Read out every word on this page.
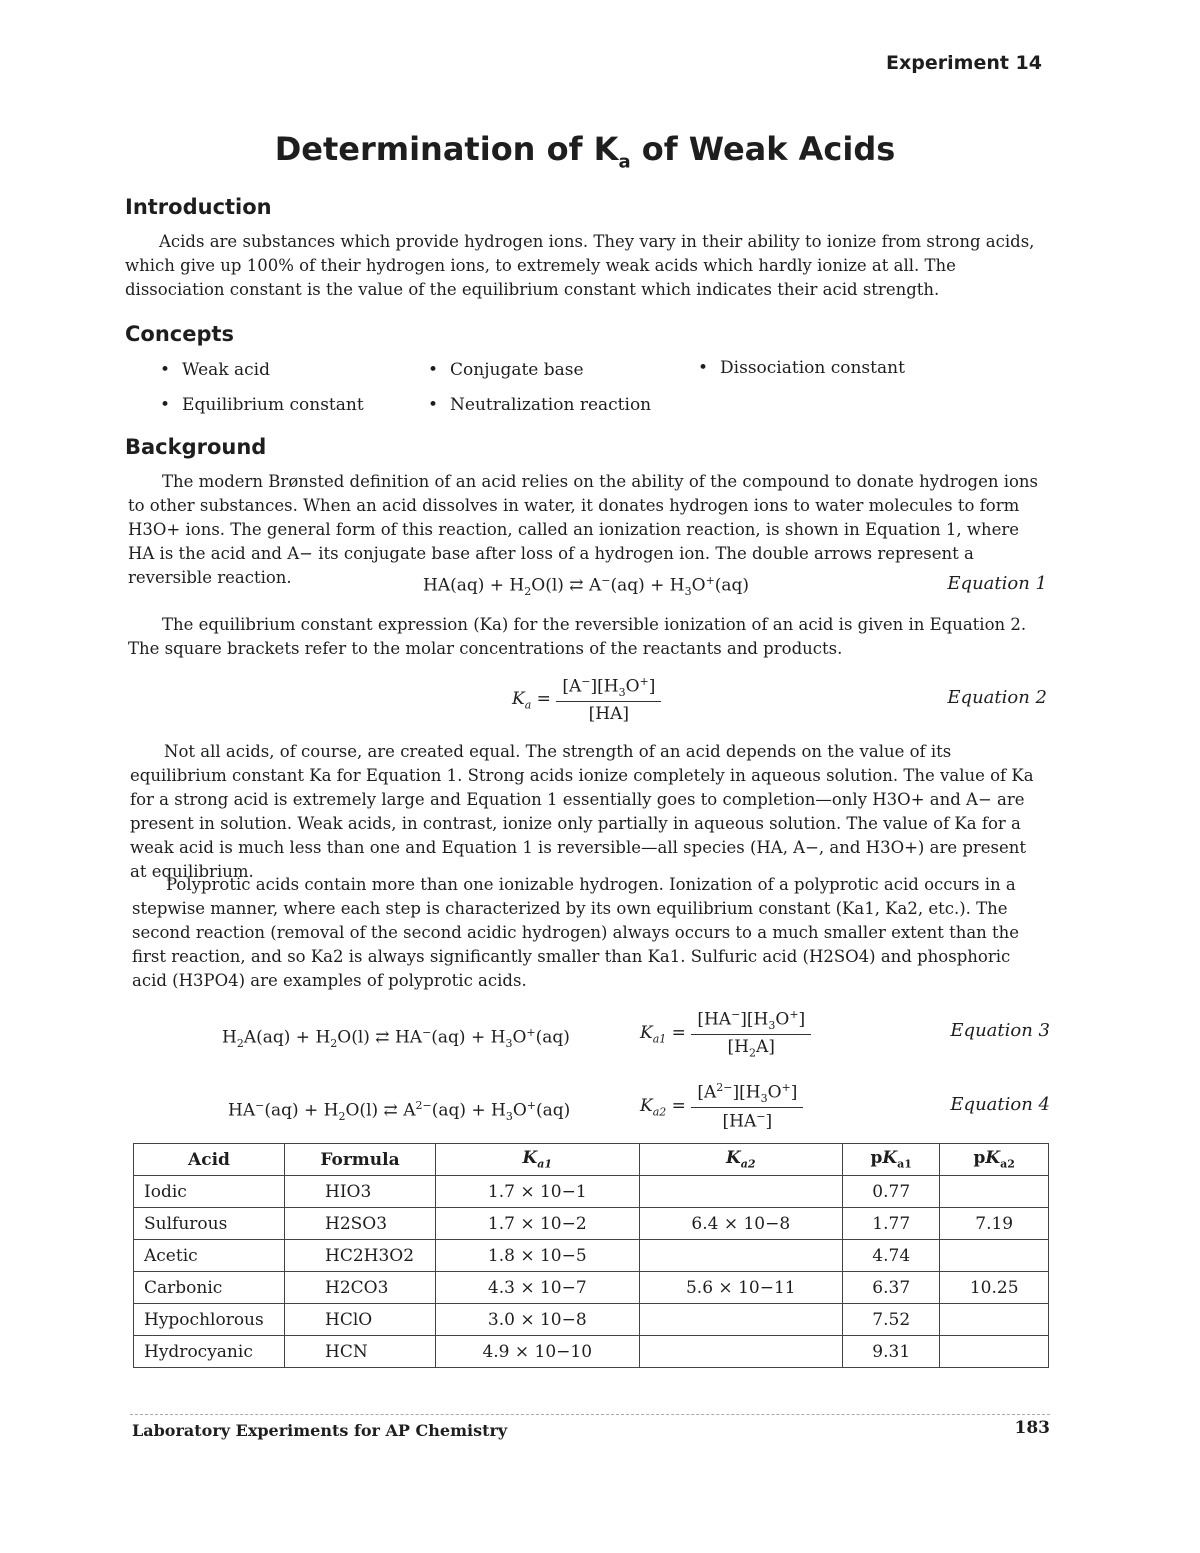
Experiment 14
Determination of $K_a$ of Weak Acids
Introduction

Acids are substances which provide hydrogen ions. They vary in their ability to ionize from strong acids, which give up 100% of their hydrogen ions, to extremely weak acids which hardly ionize at all. The dissociation constant is the value of the equilibrium constant which indicates their acid strength.

Concepts
• Weak acid	• Conjugate base	• Dissociation constant
• Equilibrium constant	• Neutralization reaction
Background

The modern Brønsted definition of an acid relies on the ability of the compound to donate hydrogen ions to other substances. When an acid dissolves in water, it donates hydrogen ions to water molecules to form H3O+ ions. The general form of this reaction, called an ionization reaction, is shown in Equation 1, where HA is the acid and A− its conjugate base after loss of a hydrogen ion. The double arrows represent a reversible reaction.	$HA(aq) + H_2O(l)$ ⇄ $A^-(aq) + H_3O^+(aq)$	Equation 1

The equilibrium constant expression (Ka) for the reversible ionization of an acid is given in Equation 2. The square brackets refer to the molar concentrations of the reactants and products.

$K_a = \frac{[A^-][H_3O^+]}{[HA]}$	Equation 2

Not all acids, of course, are created equal. The strength of an acid depends on the value of its equilibrium constant Ka for Equation 1. Strong acids ionize completely in aqueous solution. The value of Ka for a strong acid is extremely large and Equation 1 essentially goes to completion—only H3O+ and A− are present in solution. Weak acids, in contrast, ionize only partially in aqueous solution. The value of Ka for a weak acid is much less than one and Equation 1 is reversible—all species (HA, A−, and H3O+) are present at equilibrium.

Polyprotic acids contain more than one ionizable hydrogen. Ionization of a polyprotic acid occurs in a stepwise manner, where each step is characterized by its own equilibrium constant (Ka1, Ka2, etc.). The second reaction (removal of the second acidic hydrogen) always occurs to a much smaller extent than the first reaction, and so Ka2 is always significantly smaller than Ka1. Sulfuric acid (H2SO4) and phosphoric acid (H3PO4) are examples of polyprotic acids.

$H_2A(aq) + H_2O(l)$ ⇄ $HA^-(aq) + H_3O^+(aq)$	$K_{a1} = \frac{[HA^-][H_3O^+]}{[H_2A]}$	Equation 3
$HA^-(aq) + H_2O(l)$ ⇄ $A^{2-}(aq) + H_3O^+(aq)$	$K_{a2} = \frac{[A^{2-}][H_3O^+]}{[HA^-]}$	Equation 4
Acid	Formula	$K_{a1}$	$K_{a2}$	$pK_{a1}$	$pK_{a2}$
Iodic	HIO3	1.7 × 10−1		0.77	
Sulfurous	H2SO3	1.7 × 10−2	6.4 × 10−8	1.77	7.19
Acetic	HC2H3O2	1.8 × 10−5		4.74	
Carbonic	H2CO3	4.3 × 10−7	5.6 × 10−11	6.37	10.25
Hypochlorous	HClO	3.0 × 10−8		7.52	
Hydrocyanic	HCN	4.9 × 10−10		9.31	
Laboratory Experiments for AP Chemistry	183
